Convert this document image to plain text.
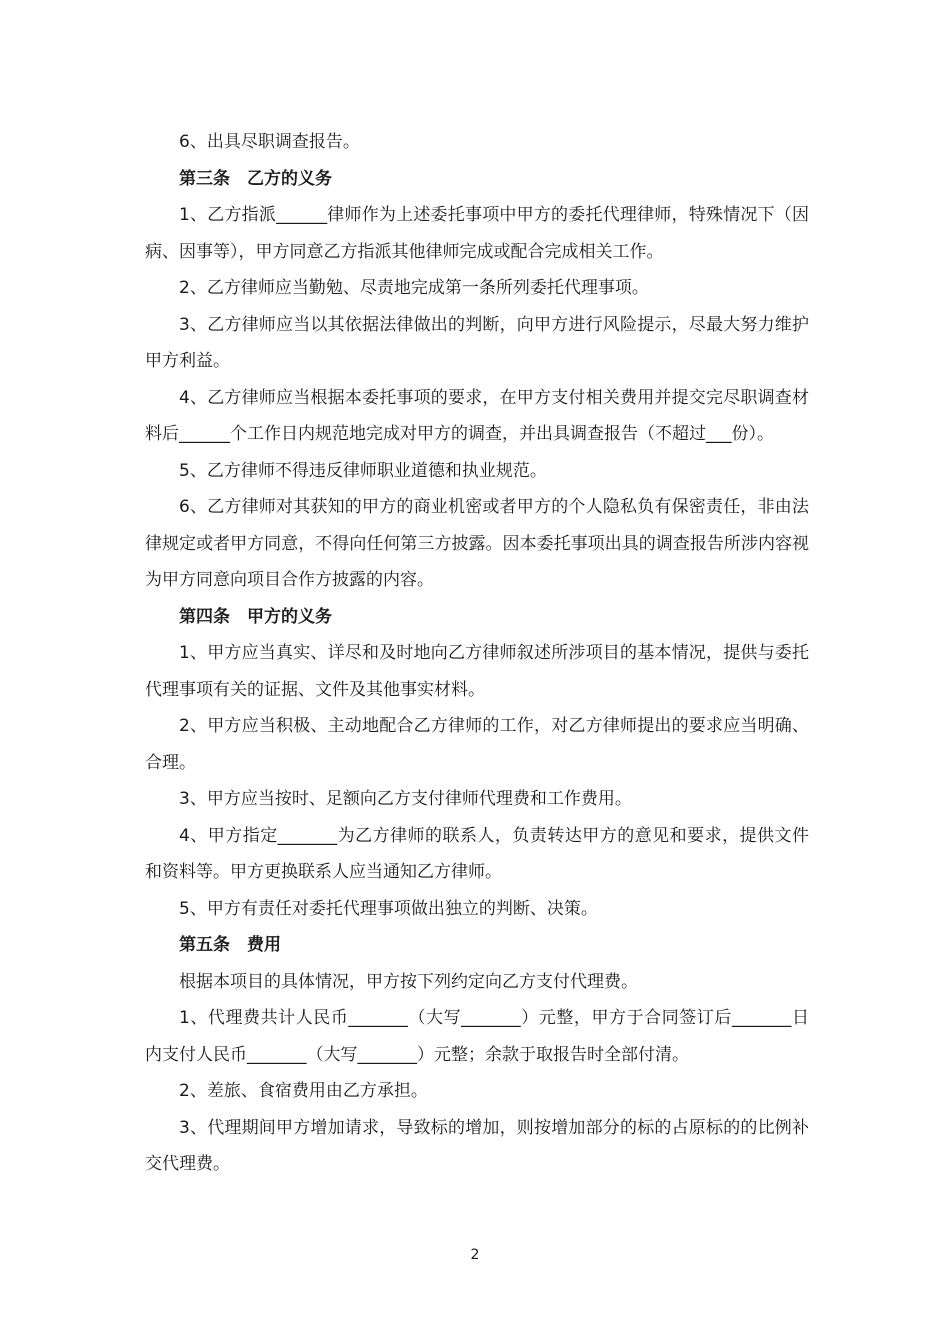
6、出具尽职调查报告。

第三条　乙方的义务

1、乙方指派______律师作为上述委托事项中甲方的委托代理律师，特殊情况下（因病、因事等），甲方同意乙方指派其他律师完成或配合完成相关工作。

2、乙方律师应当勤勉、尽责地完成第一条所列委托代理事项。

3、乙方律师应当以其依据法律做出的判断，向甲方进行风险提示，尽最大努力维护甲方利益。

4、乙方律师应当根据本委托事项的要求，在甲方支付相关费用并提交完尽职调查材料后______个工作日内规范地完成对甲方的调查，并出具调查报告（不超过___份）。

5、乙方律师不得违反律师职业道德和执业规范。

6、乙方律师对其获知的甲方的商业机密或者甲方的个人隐私负有保密责任，非由法律规定或者甲方同意，不得向任何第三方披露。因本委托事项出具的调查报告所涉内容视为甲方同意向项目合作方披露的内容。

第四条　甲方的义务

1、甲方应当真实、详尽和及时地向乙方律师叙述所涉项目的基本情况，提供与委托代理事项有关的证据、文件及其他事实材料。

2、甲方应当积极、主动地配合乙方律师的工作，对乙方律师提出的要求应当明确、合理。

3、甲方应当按时、足额向乙方支付律师代理费和工作费用。

4、甲方指定_______为乙方律师的联系人，负责转达甲方的意见和要求，提供文件和资料等。甲方更换联系人应当通知乙方律师。

5、甲方有责任对委托代理事项做出独立的判断、决策。

第五条　费用

根据本项目的具体情况，甲方按下列约定向乙方支付代理费。

1、代理费共计人民币_______（大写_______）元整，甲方于合同签订后_______日内支付人民币_______（大写_______）元整；余款于取报告时全部付清。

2、差旅、食宿费用由乙方承担。

3、代理期间甲方增加请求，导致标的增加，则按增加部分的标的占原标的的比例补交代理费。

2
